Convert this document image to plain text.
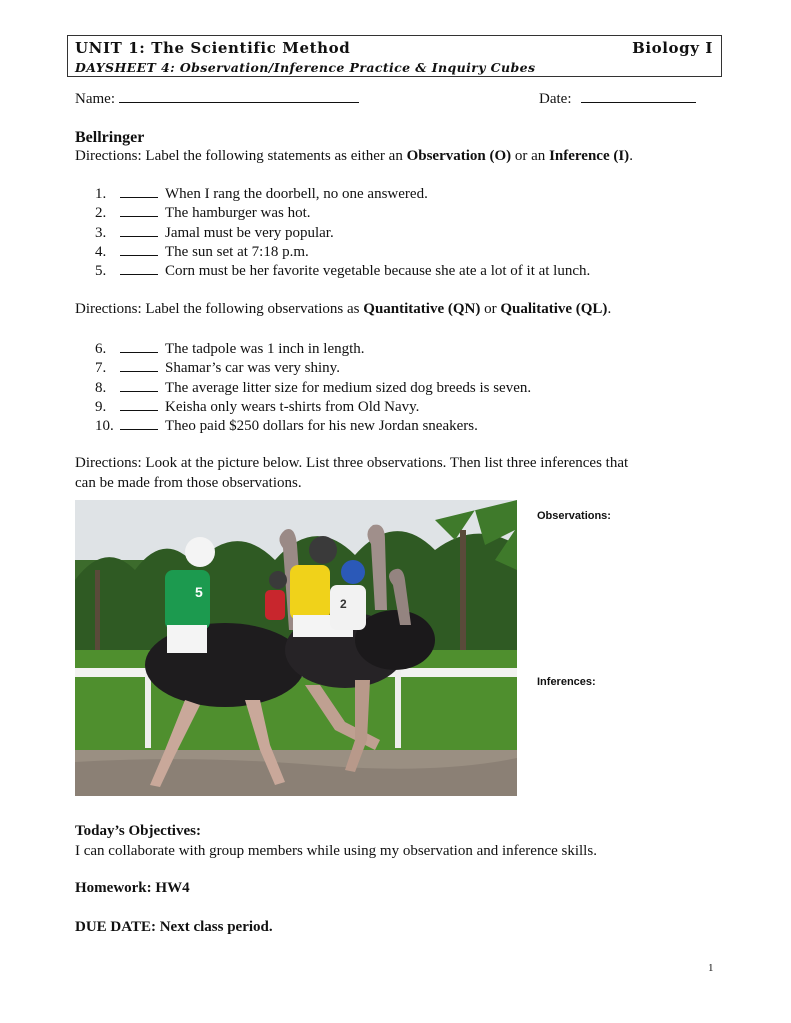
UNIT 1: The Scientific Method	Biology I
DAYSHEET 4: Observation/Inference Practice & Inquiry Cubes
Name:	Date:
Bellringer
Directions: Label the following statements as either an Observation (O) or an Inference (I).
1.	When I rang the doorbell, no one answered.
2.	The hamburger was hot.
3.	Jamal must be very popular.
4.	The sun set at 7:18 p.m.
5.	Corn must be her favorite vegetable because she ate a lot of it at lunch.
Directions: Label the following observations as Quantitative (QN) or Qualitative (QL).
6.	The tadpole was 1 inch in length.
7.	Shamar’s car was very shiny.
8.	The average litter size for medium sized dog breeds is seven.
9.	Keisha only wears t-shirts from Old Navy.
10.	Theo paid $250 dollars for his new Jordan sneakers.
Directions: Look at the picture below. List three observations. Then list three inferences that
can be made from those observations.
5
2
Observations:
Inferences:
Today’s Objectives:
I can collaborate with group members while using my observation and inference skills.
Homework: HW4
DUE DATE: Next class period.
1
